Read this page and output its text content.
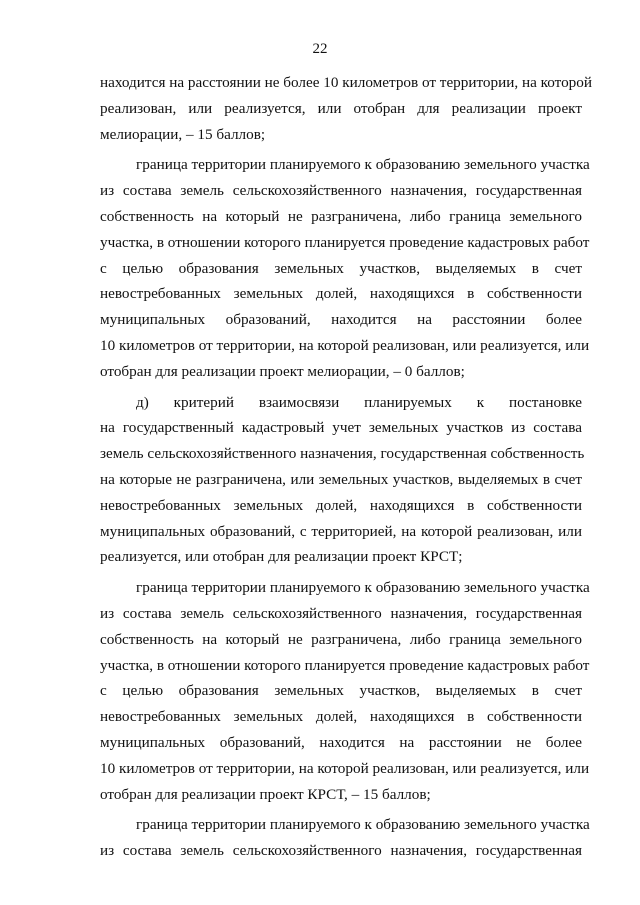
22

находится на расстоянии не более 10 километров от территории, на которой
реализован, или реализуется, или отобран для реализации проект
мелиорации, – 15 баллов;

граница территории планируемого к образованию земельного участка
из состава земель сельскохозяйственного назначения, государственная
собственность на который не разграничена, либо граница земельного
участка, в отношении которого планируется проведение кадастровых работ
с целью образования земельных участков, выделяемых в счет
невостребованных земельных долей, находящихся в собственности
муниципальных образований, находится на расстоянии более
10 километров от территории, на которой реализован, или реализуется, или
отобран для реализации проект мелиорации, – 0 баллов;

д) критерий взаимосвязи планируемых к постановке
на государственный кадастровый учет земельных участков из состава
земель сельскохозяйственного назначения, государственная собственность
на которые не разграничена, или земельных участков, выделяемых в счет
невостребованных земельных долей, находящихся в собственности
муниципальных образований, с территорией, на которой реализован, или
реализуется, или отобран для реализации проект КРСТ;

граница территории планируемого к образованию земельного участка
из состава земель сельскохозяйственного назначения, государственная
собственность на который не разграничена, либо граница земельного
участка, в отношении которого планируется проведение кадастровых работ
с целью образования земельных участков, выделяемых в счет
невостребованных земельных долей, находящихся в собственности
муниципальных образований, находится на расстоянии не более
10 километров от территории, на которой реализован, или реализуется, или
отобран для реализации проект КРСТ, – 15 баллов;

граница территории планируемого к образованию земельного участка
из состава земель сельскохозяйственного назначения, государственная
